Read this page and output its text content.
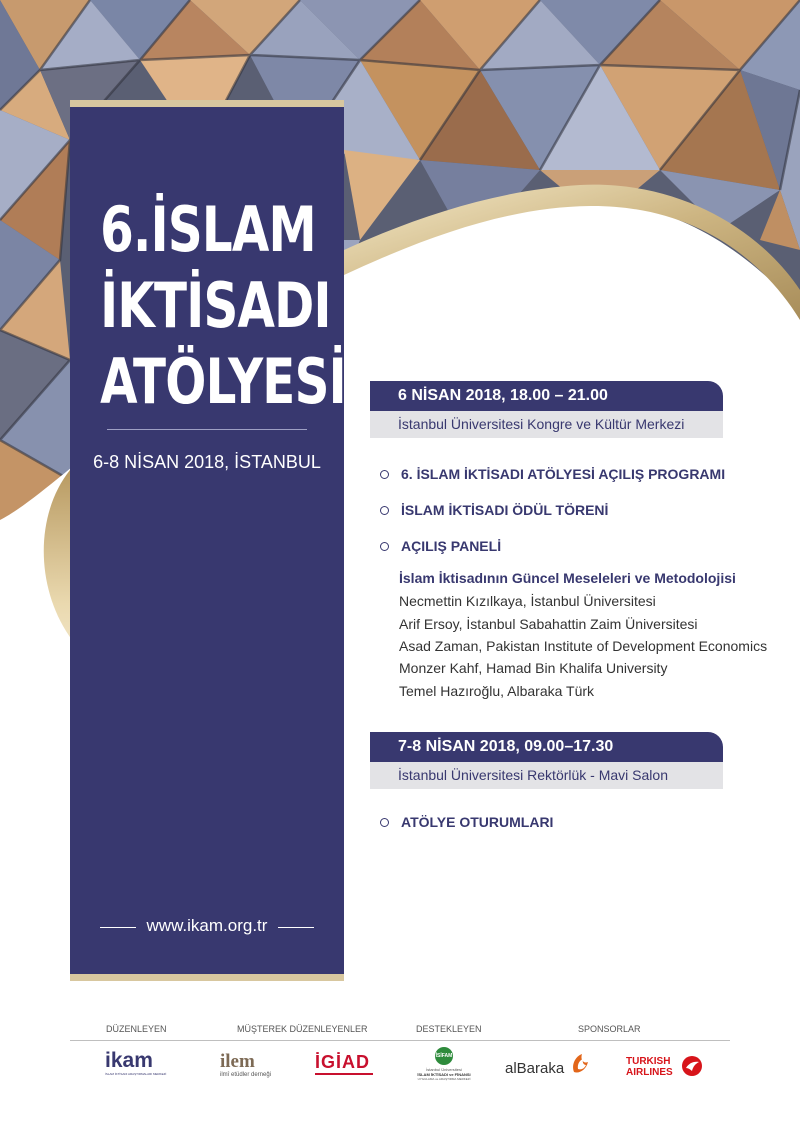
6.İSLAM
İKTİSADI
ATÖLYESİ
6-8 NİSAN 2018, İSTANBUL
www.ikam.org.tr
6 NİSAN 2018, 18.00 – 21.00
İstanbul Üniversitesi Kongre ve Kültür Merkezi
6. İSLAM İKTİSADI ATÖLYESİ AÇILIŞ PROGRAMI
İSLAM İKTİSADI ÖDÜL TÖRENİ
AÇILIŞ PANELİ
İslam İktisadının Güncel Meseleleri ve Metodolojisi
Necmettin Kızılkaya, İstanbul Üniversitesi
Arif Ersoy, İstanbul Sabahattin Zaim Üniversitesi
Asad Zaman, Pakistan Institute of Development Economics
Monzer Kahf, Hamad Bin Khalifa University
Temel Hazıroğlu, Albaraka Türk
7-8 NİSAN 2018, 09.00–17.30
İstanbul Üniversitesi Rektörlük - Mavi Salon
ATÖLYE OTURUMLARI
DÜZENLEYEN	MÜŞTEREK DÜZENLEYENLER	DESTEKLEYEN	SPONSORLAR
ikam
İSLAM İKTİSADI ARAŞTIRMALARI MERKEZİ
ilem
ilmî etüdler derneği
İGİAD	İSİFAM
İstanbul Üniversitesi
İSLAM İKTİSADI ve FİNANSI
UYGULAMA ve ARAŞTIRMA MERKEZİ
alBaraka	TURKISH
AIRLINES
